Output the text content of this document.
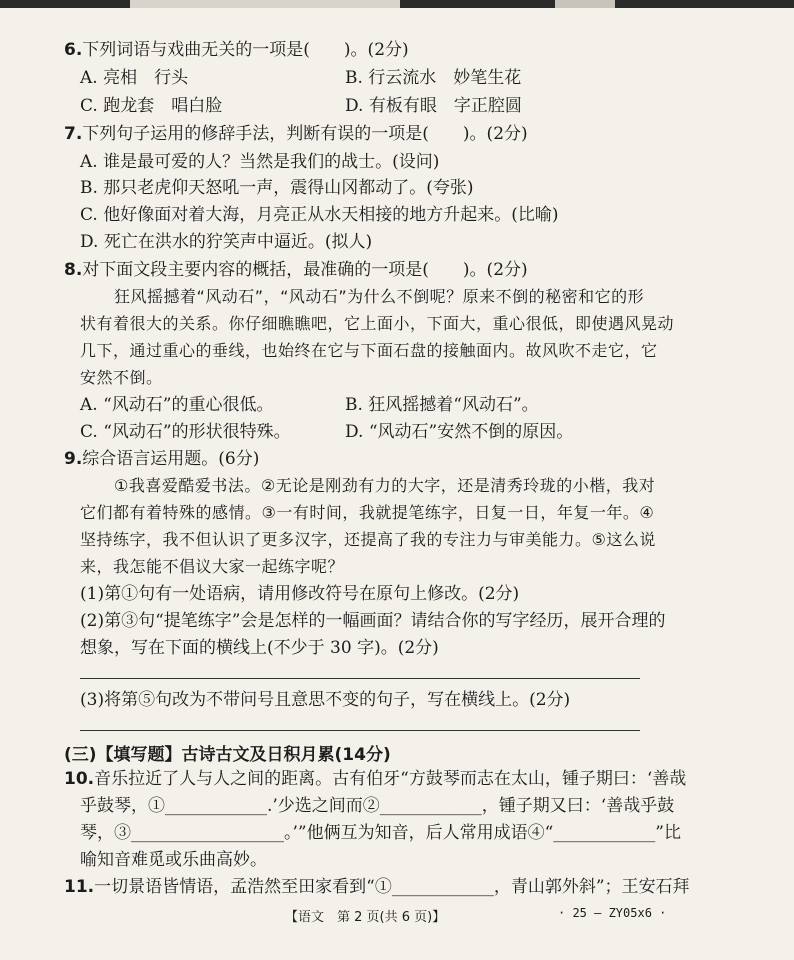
6.下列词语与戏曲无关的一项是(　　)。(2分)
A. 亮相　行头	B. 行云流水　妙笔生花
C. 跑龙套　唱白脸	D. 有板有眼　字正腔圆
7.下列句子运用的修辞手法，判断有误的一项是(　　)。(2分)
A. 谁是最可爱的人？当然是我们的战士。(设问)
B. 那只老虎仰天怒吼一声，震得山冈都动了。(夸张)
C. 他好像面对着大海，月亮正从水天相接的地方升起来。(比喻)
D. 死亡在洪水的狞笑声中逼近。(拟人)
8.对下面文段主要内容的概括，最准确的一项是(　　)。(2分)
狂风摇撼着“风动石”，“风动石”为什么不倒呢？原来不倒的秘密和它的形
状有着很大的关系。你仔细瞧瞧吧，它上面小，下面大，重心很低，即使遇风晃动
几下，通过重心的垂线，也始终在它与下面石盘的接触面内。故风吹不走它，它
安然不倒。
A. “风动石”的重心很低。	B. 狂风摇撼着“风动石”。
C. “风动石”的形状很特殊。	D. “风动石”安然不倒的原因。
9.综合语言运用题。(6分)
①我喜爱酷爱书法。②无论是刚劲有力的大字，还是清秀玲珑的小楷，我对
它们都有着特殊的感情。③一有时间，我就提笔练字，日复一日，年复一年。④
坚持练字，我不但认识了更多汉字，还提高了我的专注力与审美能力。⑤这么说
来，我怎能不倡议大家一起练字呢？
(1)第①句有一处语病，请用修改符号在原句上修改。(2分)
(2)第③句“提笔练字”会是怎样的一幅画面？请结合你的写字经历，展开合理的
想象，写在下面的横线上(不少于 30 字)。(2分)
(3)将第⑤句改为不带问号且意思不变的句子，写在横线上。(2分)
(三)【填写题】古诗古文及日积月累(14分)
10.音乐拉近了人与人之间的距离。古有伯牙“方鼓琴而志在太山，锺子期曰：‘善哉
乎鼓琴，①____________.’少选之间而②____________，锺子期又曰：‘善哉乎鼓
琴，③__________________。’”他俩互为知音，后人常用成语④“____________”比
喻知音难觅或乐曲高妙。
11.一切景语皆情语，孟浩然至田家看到“①____________，青山郭外斜”；王安石拜
【语文　第 2 页(共 6 页)】	· 25 – ZY05x6 ·
